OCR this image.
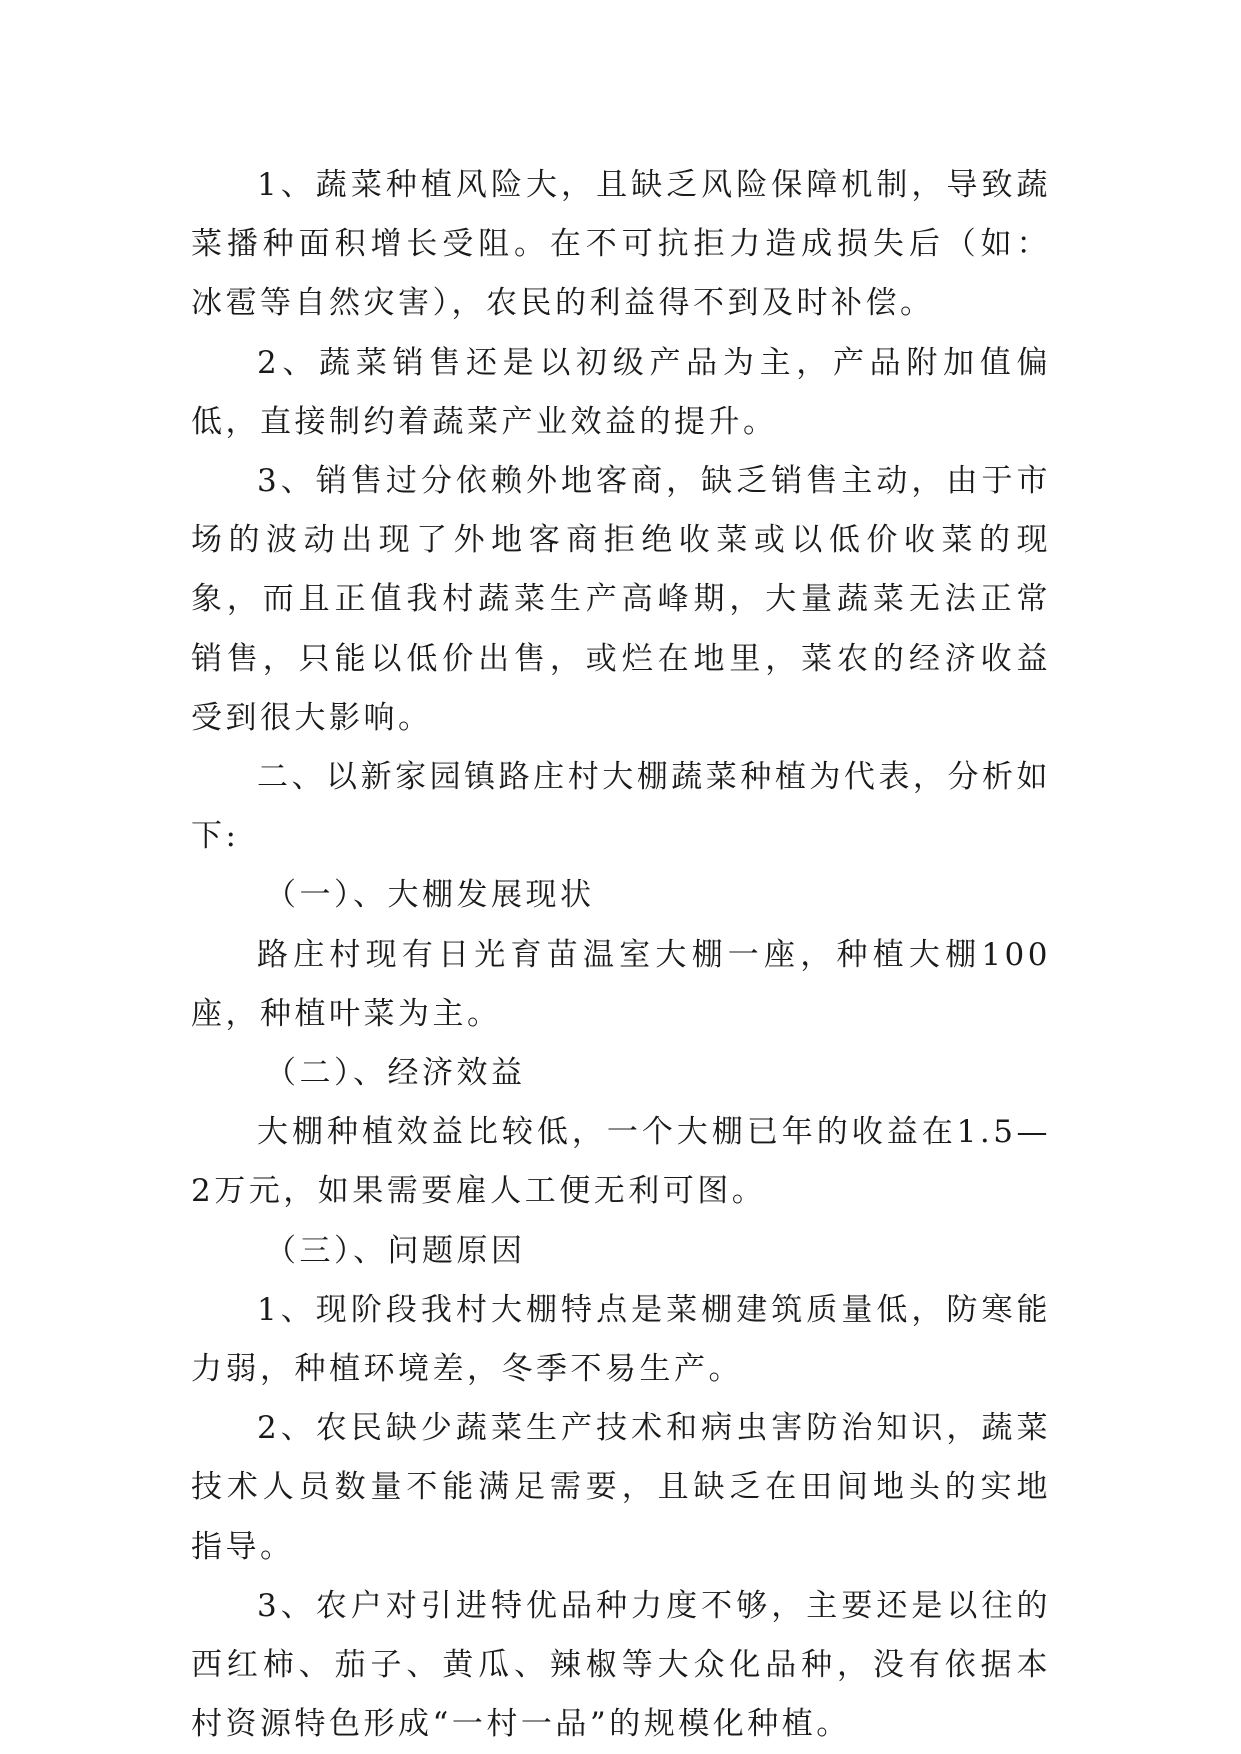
1、蔬菜种植风险大，且缺乏风险保障机制，导致蔬菜播种面积增长受阻。在不可抗拒力造成损失后（如：冰雹等自然灾害），农民的利益得不到及时补偿。

2、蔬菜销售还是以初级产品为主，产品附加值偏低，直接制约着蔬菜产业效益的提升。

3、销售过分依赖外地客商，缺乏销售主动，由于市场的波动出现了外地客商拒绝收菜或以低价收菜的现象，而且正值我村蔬菜生产高峰期，大量蔬菜无法正常销售，只能以低价出售，或烂在地里，菜农的经济收益受到很大影响。

二、以新家园镇路庄村大棚蔬菜种植为代表，分析如下:

（一）、大棚发展现状

路庄村现有日光育苗温室大棚一座，种植大棚100座，种植叶菜为主。

（二）、经济效益

大棚种植效益比较低，一个大棚已年的收益在1.5—2万元，如果需要雇人工便无利可图。

（三）、问题原因

1、现阶段我村大棚特点是菜棚建筑质量低，防寒能力弱，种植环境差，冬季不易生产。

2、农民缺少蔬菜生产技术和病虫害防治知识，蔬菜技术人员数量不能满足需要，且缺乏在田间地头的实地指导。

3、农户对引进特优品种力度不够，主要还是以往的西红柿、茄子、黄瓜、辣椒等大众化品种，没有依据本村资源特色形成“一村一品”的规模化种植。
